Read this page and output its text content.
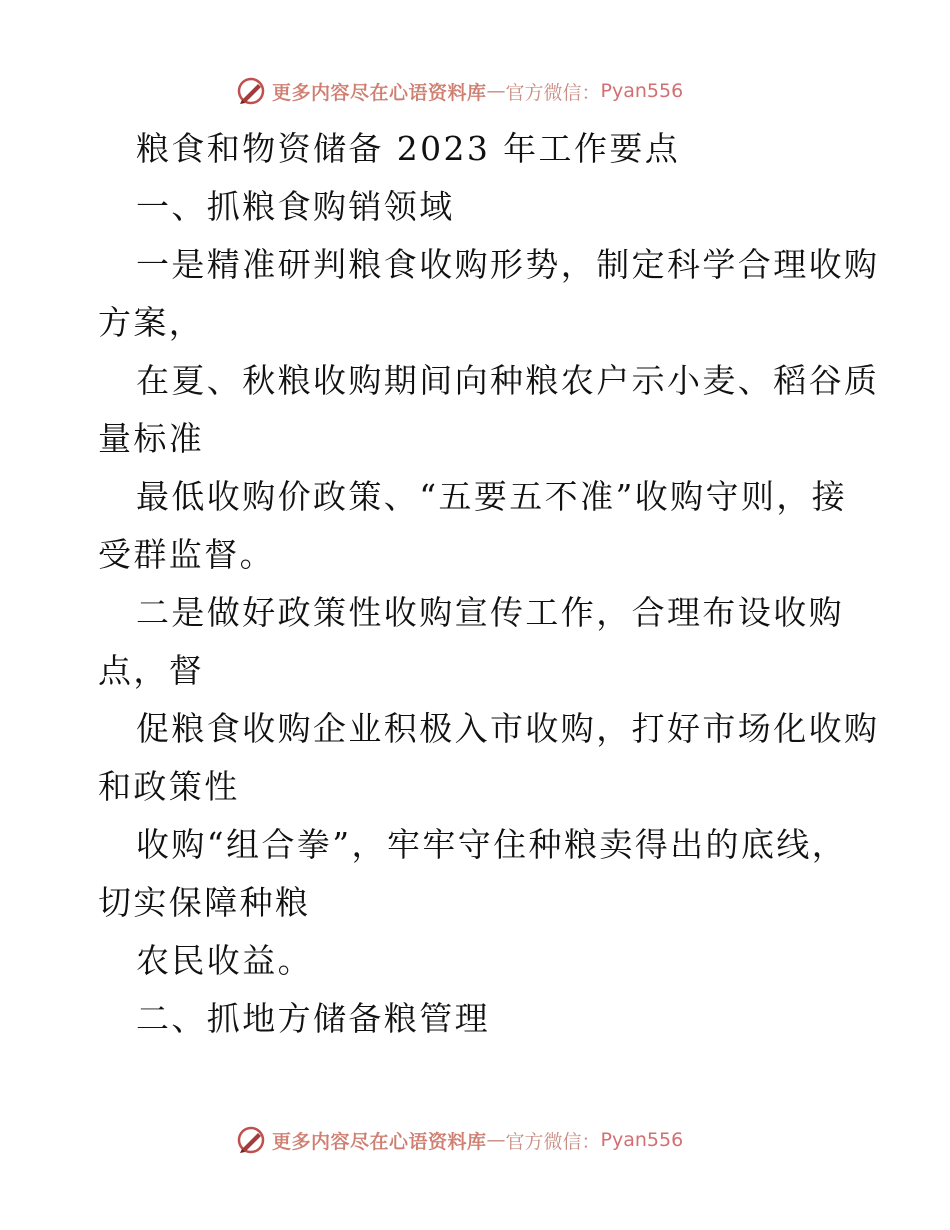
更多内容尽在心语资料库 — 官方微信： Pyan556
粮食和物资储备 2023 年工作要点
一、抓粮食购销领域
一是精准研判粮食收购形势，制定科学合理收购
方案，
在夏、秋粮收购期间向种粮农户示小麦、稻谷质
量标准
最低收购价政策、“五要五不准”收购守则，接
受群监督。
二是做好政策性收购宣传工作，合理布设收购
点，督
促粮食收购企业积极入市收购，打好市场化收购
和政策性
收购“组合拳”，牢牢守住种粮卖得出的底线，
切实保障种粮
农民收益。
二、抓地方储备粮管理
更多内容尽在心语资料库 — 官方微信： Pyan556
